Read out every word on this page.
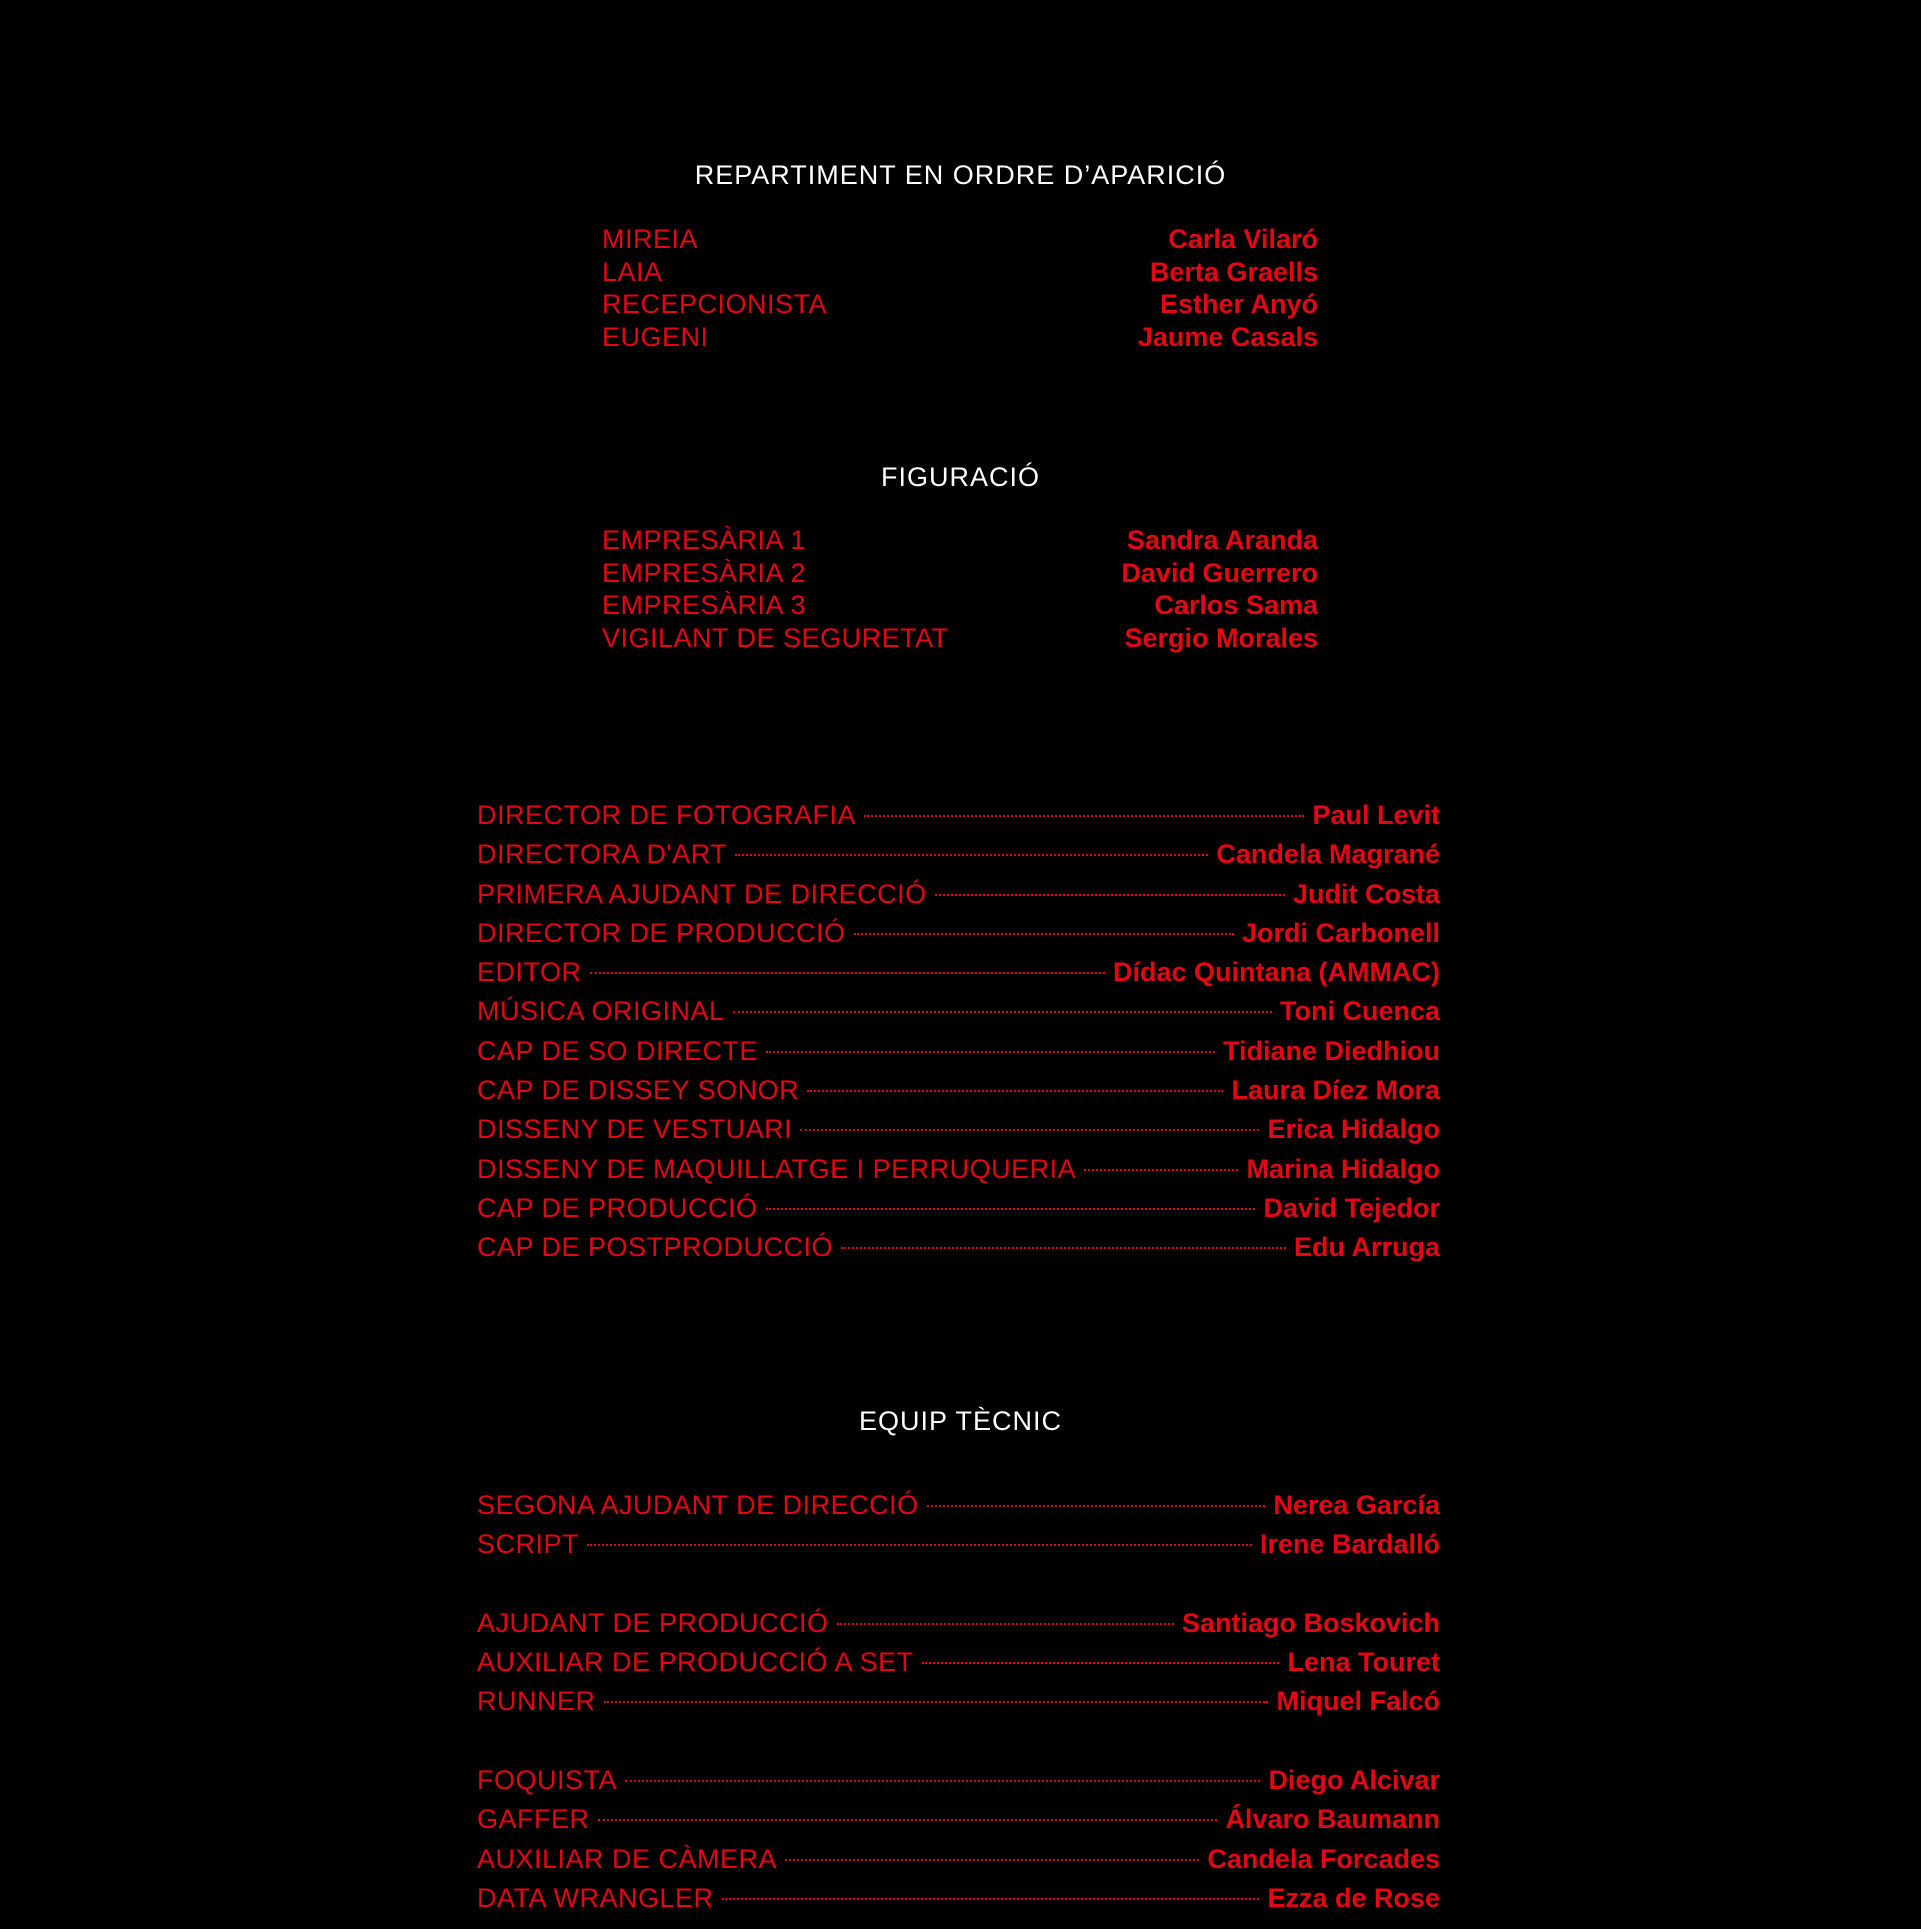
REPARTIMENT EN ORDRE D’APARICIÓ
MIREIA	Carla Vilaró
LAIA	Berta Graells
RECEPCIONISTA	Esther Anyó
EUGENI	Jaume Casals
FIGURACIÓ
EMPRESÀRIA 1	Sandra Aranda
EMPRESÀRIA 2	David Guerrero
EMPRESÀRIA 3	Carlos Sama
VIGILANT DE SEGURETAT	Sergio Morales
DIRECTOR DE FOTOGRAFIA	Paul Levit
DIRECTORA D'ART	Candela Magrané
PRIMERA AJUDANT DE DIRECCIÓ	Judit Costa
DIRECTOR DE PRODUCCIÓ	Jordi Carbonell
EDITOR	Dídac Quintana (AMMAC)
MÚSICA ORIGINAL	Toni Cuenca
CAP DE SO DIRECTE	Tidiane Diedhiou
CAP DE DISSEY SONOR	Laura Díez Mora
DISSENY DE VESTUARI	Erica Hidalgo
DISSENY DE MAQUILLATGE I PERRUQUERIA	Marina Hidalgo
CAP DE PRODUCCIÓ	David Tejedor
CAP DE POSTPRODUCCIÓ	Edu Arruga
EQUIP TÈCNIC
SEGONA AJUDANT DE DIRECCIÓ	Nerea García
SCRIPT	Irene Bardalló
AJUDANT DE PRODUCCIÓ	Santiago Boskovich
AUXILIAR DE PRODUCCIÓ A SET	Lena Touret
RUNNER	Miquel Falcó
FOQUISTA	Diego Alcivar
GAFFER	Álvaro Baumann
AUXILIAR DE CÀMERA	Candela Forcades
DATA WRANGLER	Ezza de Rose
